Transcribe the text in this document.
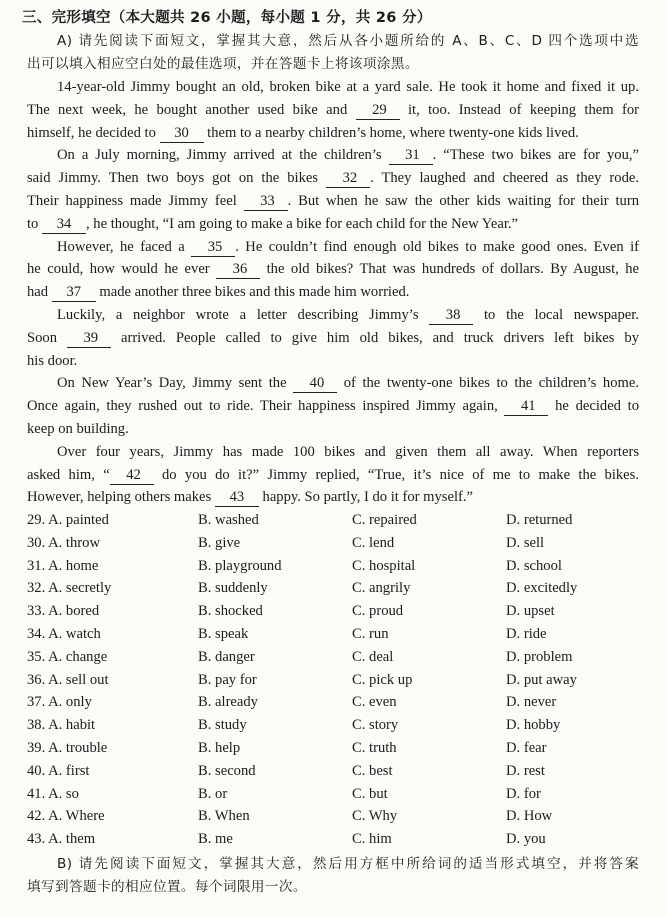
三、完形填空（本大题共 26 小题，每小题 1 分，共 26 分）
A) 请先阅读下面短文，掌握其大意，然后从各小题所给的 A、B、C、D 四个选项中选
出可以填入相应空白处的最佳选项，并在答题卡上将该项涂黑。
14-year-old Jimmy bought an old, broken bike at a yard sale. He took it home and fixed it up.
The next week, he bought another used bike and   29   it, too. Instead of keeping them for
himself, he decided to   30   them to a nearby children’s home, where twenty-one kids lived.
On a July morning, Jimmy arrived at the children’s   31  . “These two bikes are for you,”
said Jimmy. Then two boys got on the bikes   32  . They laughed and cheered as they rode.
Their happiness made Jimmy feel   33  . But when he saw the other kids waiting for their turn
to   34  , he thought, “I am going to make a bike for each child for the New Year.”
However, he faced a   35  . He couldn’t find enough old bikes to make good ones. Even if
he could, how would he ever   36   the old bikes? That was hundreds of dollars. By August, he
had   37   made another three bikes and this made him worried.
Luckily, a neighbor wrote a letter describing Jimmy’s   38   to the local newspaper.
Soon   39   arrived. People called to give him old bikes, and truck drivers left bikes by
his door.
On New Year’s Day, Jimmy sent the   40   of the twenty-one bikes to the children’s home.
Once again, they rushed out to ride. Their happiness inspired Jimmy again,   41   he decided to
keep on building.
Over four years, Jimmy has made 100 bikes and given them all away. When reporters
asked him, “  42   do you do it?” Jimmy replied, “True, it’s nice of me to make the bikes.
However, helping others makes   43   happy. So partly, I do it for myself.”
29. A. painted	B. washed	C. repaired	D. returned
30. A. throw	B. give	C. lend	D. sell
31. A. home	B. playground	C. hospital	D. school
32. A. secretly	B. suddenly	C. angrily	D. excitedly
33. A. bored	B. shocked	C. proud	D. upset
34. A. watch	B. speak	C. run	D. ride
35. A. change	B. danger	C. deal	D. problem
36. A. sell out	B. pay for	C. pick up	D. put away
37. A. only	B. already	C. even	D. never
38. A. habit	B. study	C. story	D. hobby
39. A. trouble	B. help	C. truth	D. fear
40. A. first	B. second	C. best	D. rest
41. A. so	B. or	C. but	D. for
42. A. Where	B. When	C. Why	D. How
43. A. them	B. me	C. him	D. you
B) 请先阅读下面短文，掌握其大意，然后用方框中所给词的适当形式填空，并将答案
填写到答题卡的相应位置。每个词限用一次。
